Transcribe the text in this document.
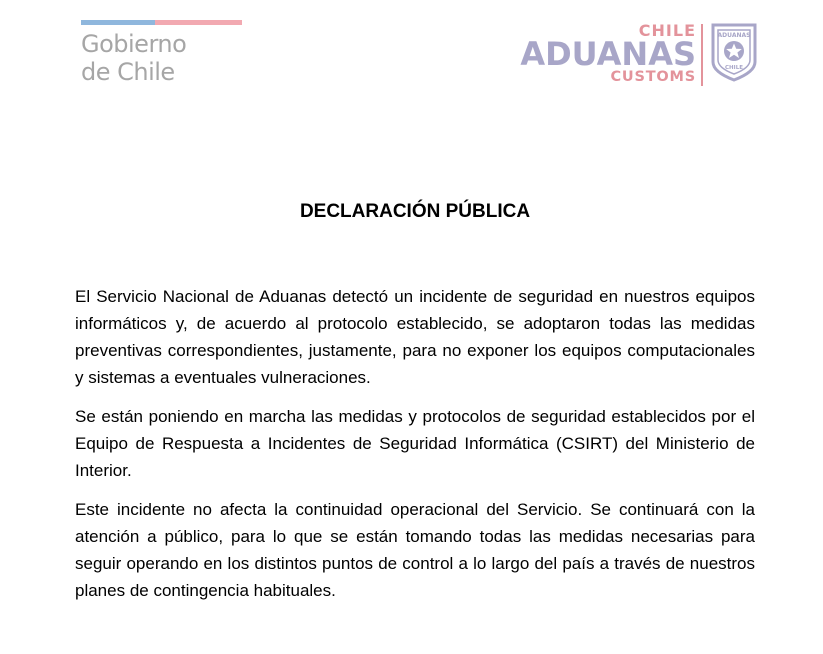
Gobierno
de Chile
CHILE
ADUANAS
CUSTOMS
ADUANAS
CHILE
DECLARACIÓN PÚBLICA

El Servicio Nacional de Aduanas detectó un incidente de seguridad en nuestros equipos informáticos y, de acuerdo al protocolo establecido, se adoptaron todas las medidas preventivas correspondientes, justamente, para no exponer los equipos computacionales y sistemas a eventuales vulneraciones.

Se están poniendo en marcha las medidas y protocolos de seguridad establecidos por el Equipo de Respuesta a Incidentes de Seguridad Informática (CSIRT) del Ministerio de Interior.

Este incidente no afecta la continuidad operacional del Servicio. Se continuará con la atención a público, para lo que se están tomando todas las medidas necesarias para seguir operando en los distintos puntos de control a lo largo del país a través de nuestros planes de contingencia habituales.
